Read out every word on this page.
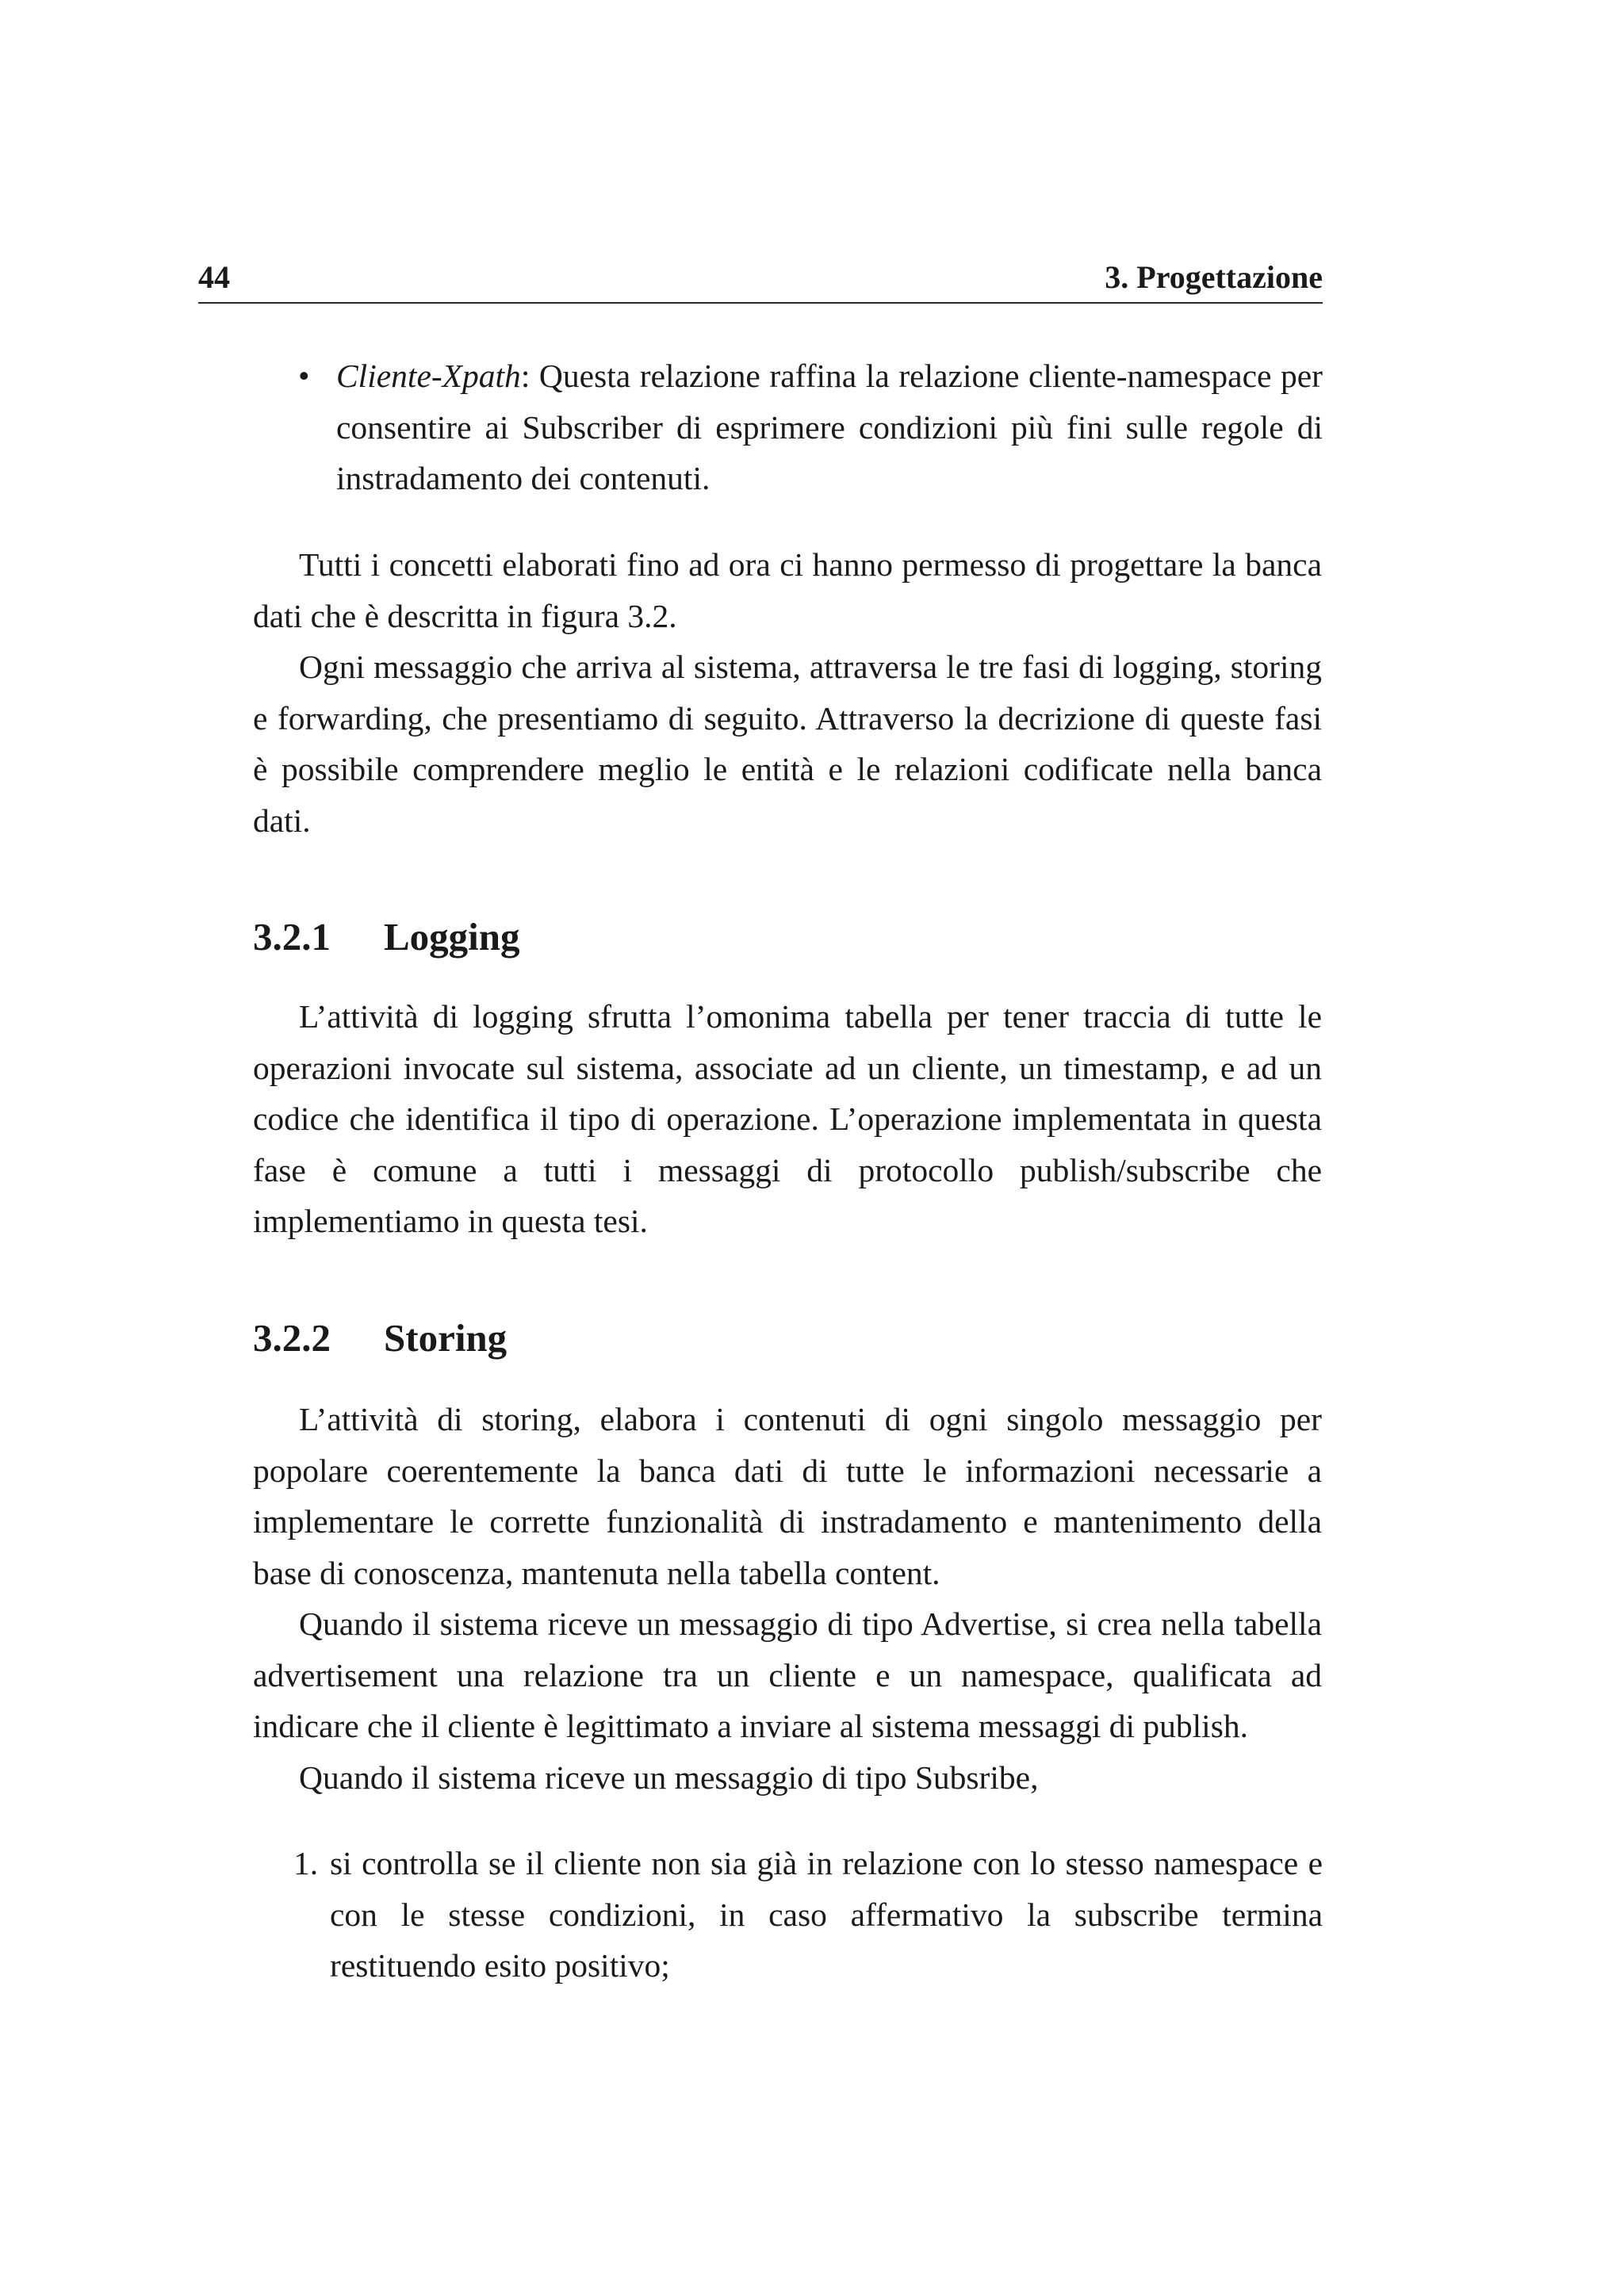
44	3. Progettazione
• Cliente-Xpath: Questa relazione raffina la relazione cliente-namespace per consentire ai Subscriber di esprimere condizioni più fini sulle regole di instradamento dei contenuti.

Tutti i concetti elaborati fino ad ora ci hanno permesso di progettare la banca dati che è descritta in figura 3.2.

Ogni messaggio che arriva al sistema, attraversa le tre fasi di logging, storing e forwarding, che presentiamo di seguito. Attraverso la decrizione di queste fasi è possibile comprendere meglio le entità e le relazioni codificate nella banca dati.

3.2.1 Logging

L’attività di logging sfrutta l’omonima tabella per tener traccia di tutte le operazioni invocate sul sistema, associate ad un cliente, un timestamp, e ad un codice che identifica il tipo di operazione. L’operazione implementata in questa fase è comune a tutti i messaggi di protocollo publish/subscribe che implementiamo in questa tesi.

3.2.2 Storing

L’attività di storing, elabora i contenuti di ogni singolo messaggio per popolare coerentemente la banca dati di tutte le informazioni necessarie a implementare le corrette funzionalità di instradamento e mantenimento della base di conoscenza, mantenuta nella tabella content.

Quando il sistema riceve un messaggio di tipo Advertise, si crea nella tabella advertisement una relazione tra un cliente e un namespace, qualificata ad indicare che il cliente è legittimato a inviare al sistema messaggi di publish.

Quando il sistema riceve un messaggio di tipo Subsribe,

1. si controlla se il cliente non sia già in relazione con lo stesso namespace e con le stesse condizioni, in caso affermativo la subscribe termina restituendo esito positivo;
